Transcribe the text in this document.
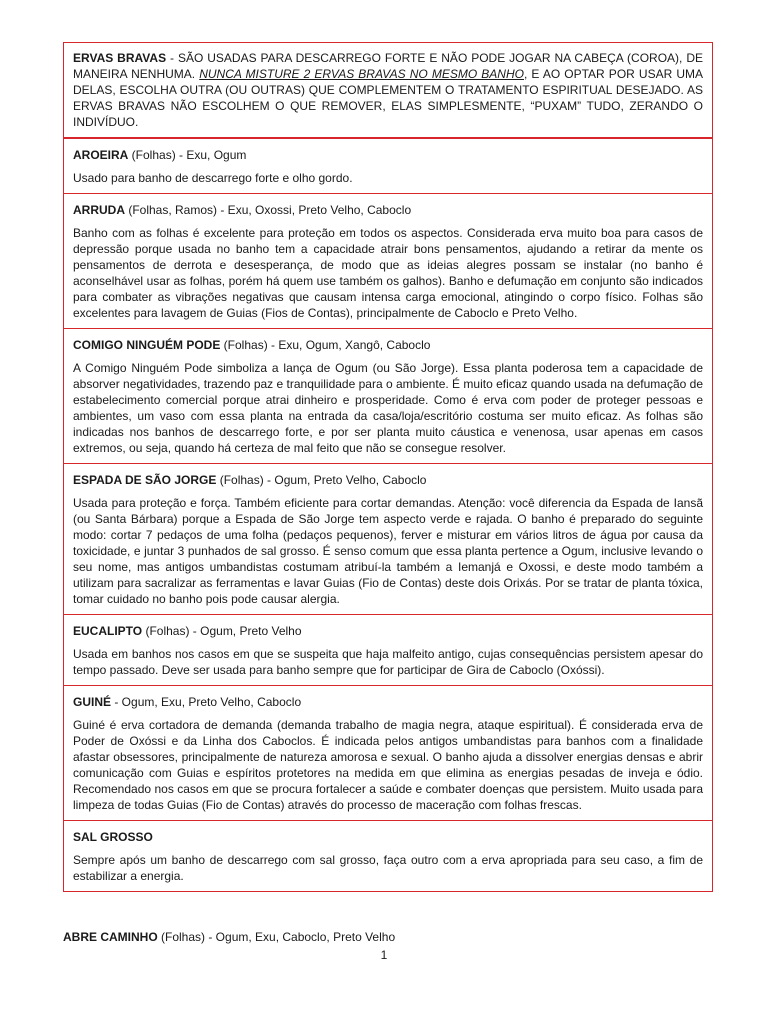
ERVAS BRAVAS - SÃO USADAS PARA DESCARREGO FORTE E NÃO PODE JOGAR NA CABEÇA (COROA), DE MANEIRA NENHUMA. NUNCA MISTURE 2 ERVAS BRAVAS NO MESMO BANHO, E AO OPTAR POR USAR UMA DELAS, ESCOLHA OUTRA (OU OUTRAS) QUE COMPLEMENTEM O TRATAMENTO ESPIRITUAL DESEJADO. AS ERVAS BRAVAS NÃO ESCOLHEM O QUE REMOVER, ELAS SIMPLESMENTE, “PUXAM” TUDO, ZERANDO O INDIVÍDUO.

AROEIRA (Folhas) - Exu, Ogum

Usado para banho de descarrego forte e olho gordo.

ARRUDA (Folhas, Ramos) - Exu, Oxossi, Preto Velho, Caboclo

Banho com as folhas é excelente para proteção em todos os aspectos. Considerada erva muito boa para casos de depressão porque usada no banho tem a capacidade atrair bons pensamentos, ajudando a retirar da mente os pensamentos de derrota e desesperança, de modo que as ideias alegres possam se instalar (no banho é aconselhável usar as folhas, porém há quem use também os galhos). Banho e defumação em conjunto são indicados para combater as vibrações negativas que causam intensa carga emocional, atingindo o corpo físico. Folhas são excelentes para lavagem de Guias (Fios de Contas), principalmente de Caboclo e Preto Velho.

COMIGO NINGUÉM PODE (Folhas) - Exu, Ogum, Xangô, Caboclo

A Comigo Ninguém Pode simboliza a lança de Ogum (ou São Jorge). Essa planta poderosa tem a capacidade de absorver negatividades, trazendo paz e tranquilidade para o ambiente. É muito eficaz quando usada na defumação de estabelecimento comercial porque atrai dinheiro e prosperidade. Como é erva com poder de proteger pessoas e ambientes, um vaso com essa planta na entrada da casa/loja/escritório costuma ser muito eficaz. As folhas são indicadas nos banhos de descarrego forte, e por ser planta muito cáustica e venenosa, usar apenas em casos extremos, ou seja, quando há certeza de mal feito que não se consegue resolver.

ESPADA DE SÃO JORGE (Folhas) - Ogum, Preto Velho, Caboclo

Usada para proteção e força. Também eficiente para cortar demandas. Atenção: você diferencia da Espada de Iansã (ou Santa Bárbara) porque a Espada de São Jorge tem aspecto verde e rajada. O banho é preparado do seguinte modo: cortar 7 pedaços de uma folha (pedaços pequenos), ferver e misturar em vários litros de água por causa da toxicidade, e juntar 3 punhados de sal grosso. É senso comum que essa planta pertence a Ogum, inclusive levando o seu nome, mas antigos umbandistas costumam atribuí-la também a Iemanjá e Oxossi, e deste modo também a utilizam para sacralizar as ferramentas e lavar Guias (Fio de Contas) deste dois Orixás. Por se tratar de planta tóxica, tomar cuidado no banho pois pode causar alergia.

EUCALIPTO (Folhas) - Ogum, Preto Velho

Usada em banhos nos casos em que se suspeita que haja malfeito antigo, cujas consequências persistem apesar do tempo passado. Deve ser usada para banho sempre que for participar de Gira de Caboclo (Oxóssi).

GUINÉ - Ogum, Exu, Preto Velho, Caboclo

Guiné é erva cortadora de demanda (demanda trabalho de magia negra, ataque espiritual). É considerada erva de Poder de Oxóssi e da Linha dos Caboclos. É indicada pelos antigos umbandistas para banhos com a finalidade afastar obsessores, principalmente de natureza amorosa e sexual. O banho ajuda a dissolver energias densas e abrir comunicação com Guias e espíritos protetores na medida em que elimina as energias pesadas de inveja e ódio. Recomendado nos casos em que se procura fortalecer a saúde e combater doenças que persistem. Muito usada para limpeza de todas Guias (Fio de Contas) através do processo de maceração com folhas frescas.

SAL GROSSO

Sempre após um banho de descarrego com sal grosso, faça outro com a erva apropriada para seu caso, a fim de estabilizar a energia.

ABRE CAMINHO (Folhas) - Ogum, Exu, Caboclo, Preto Velho
1
